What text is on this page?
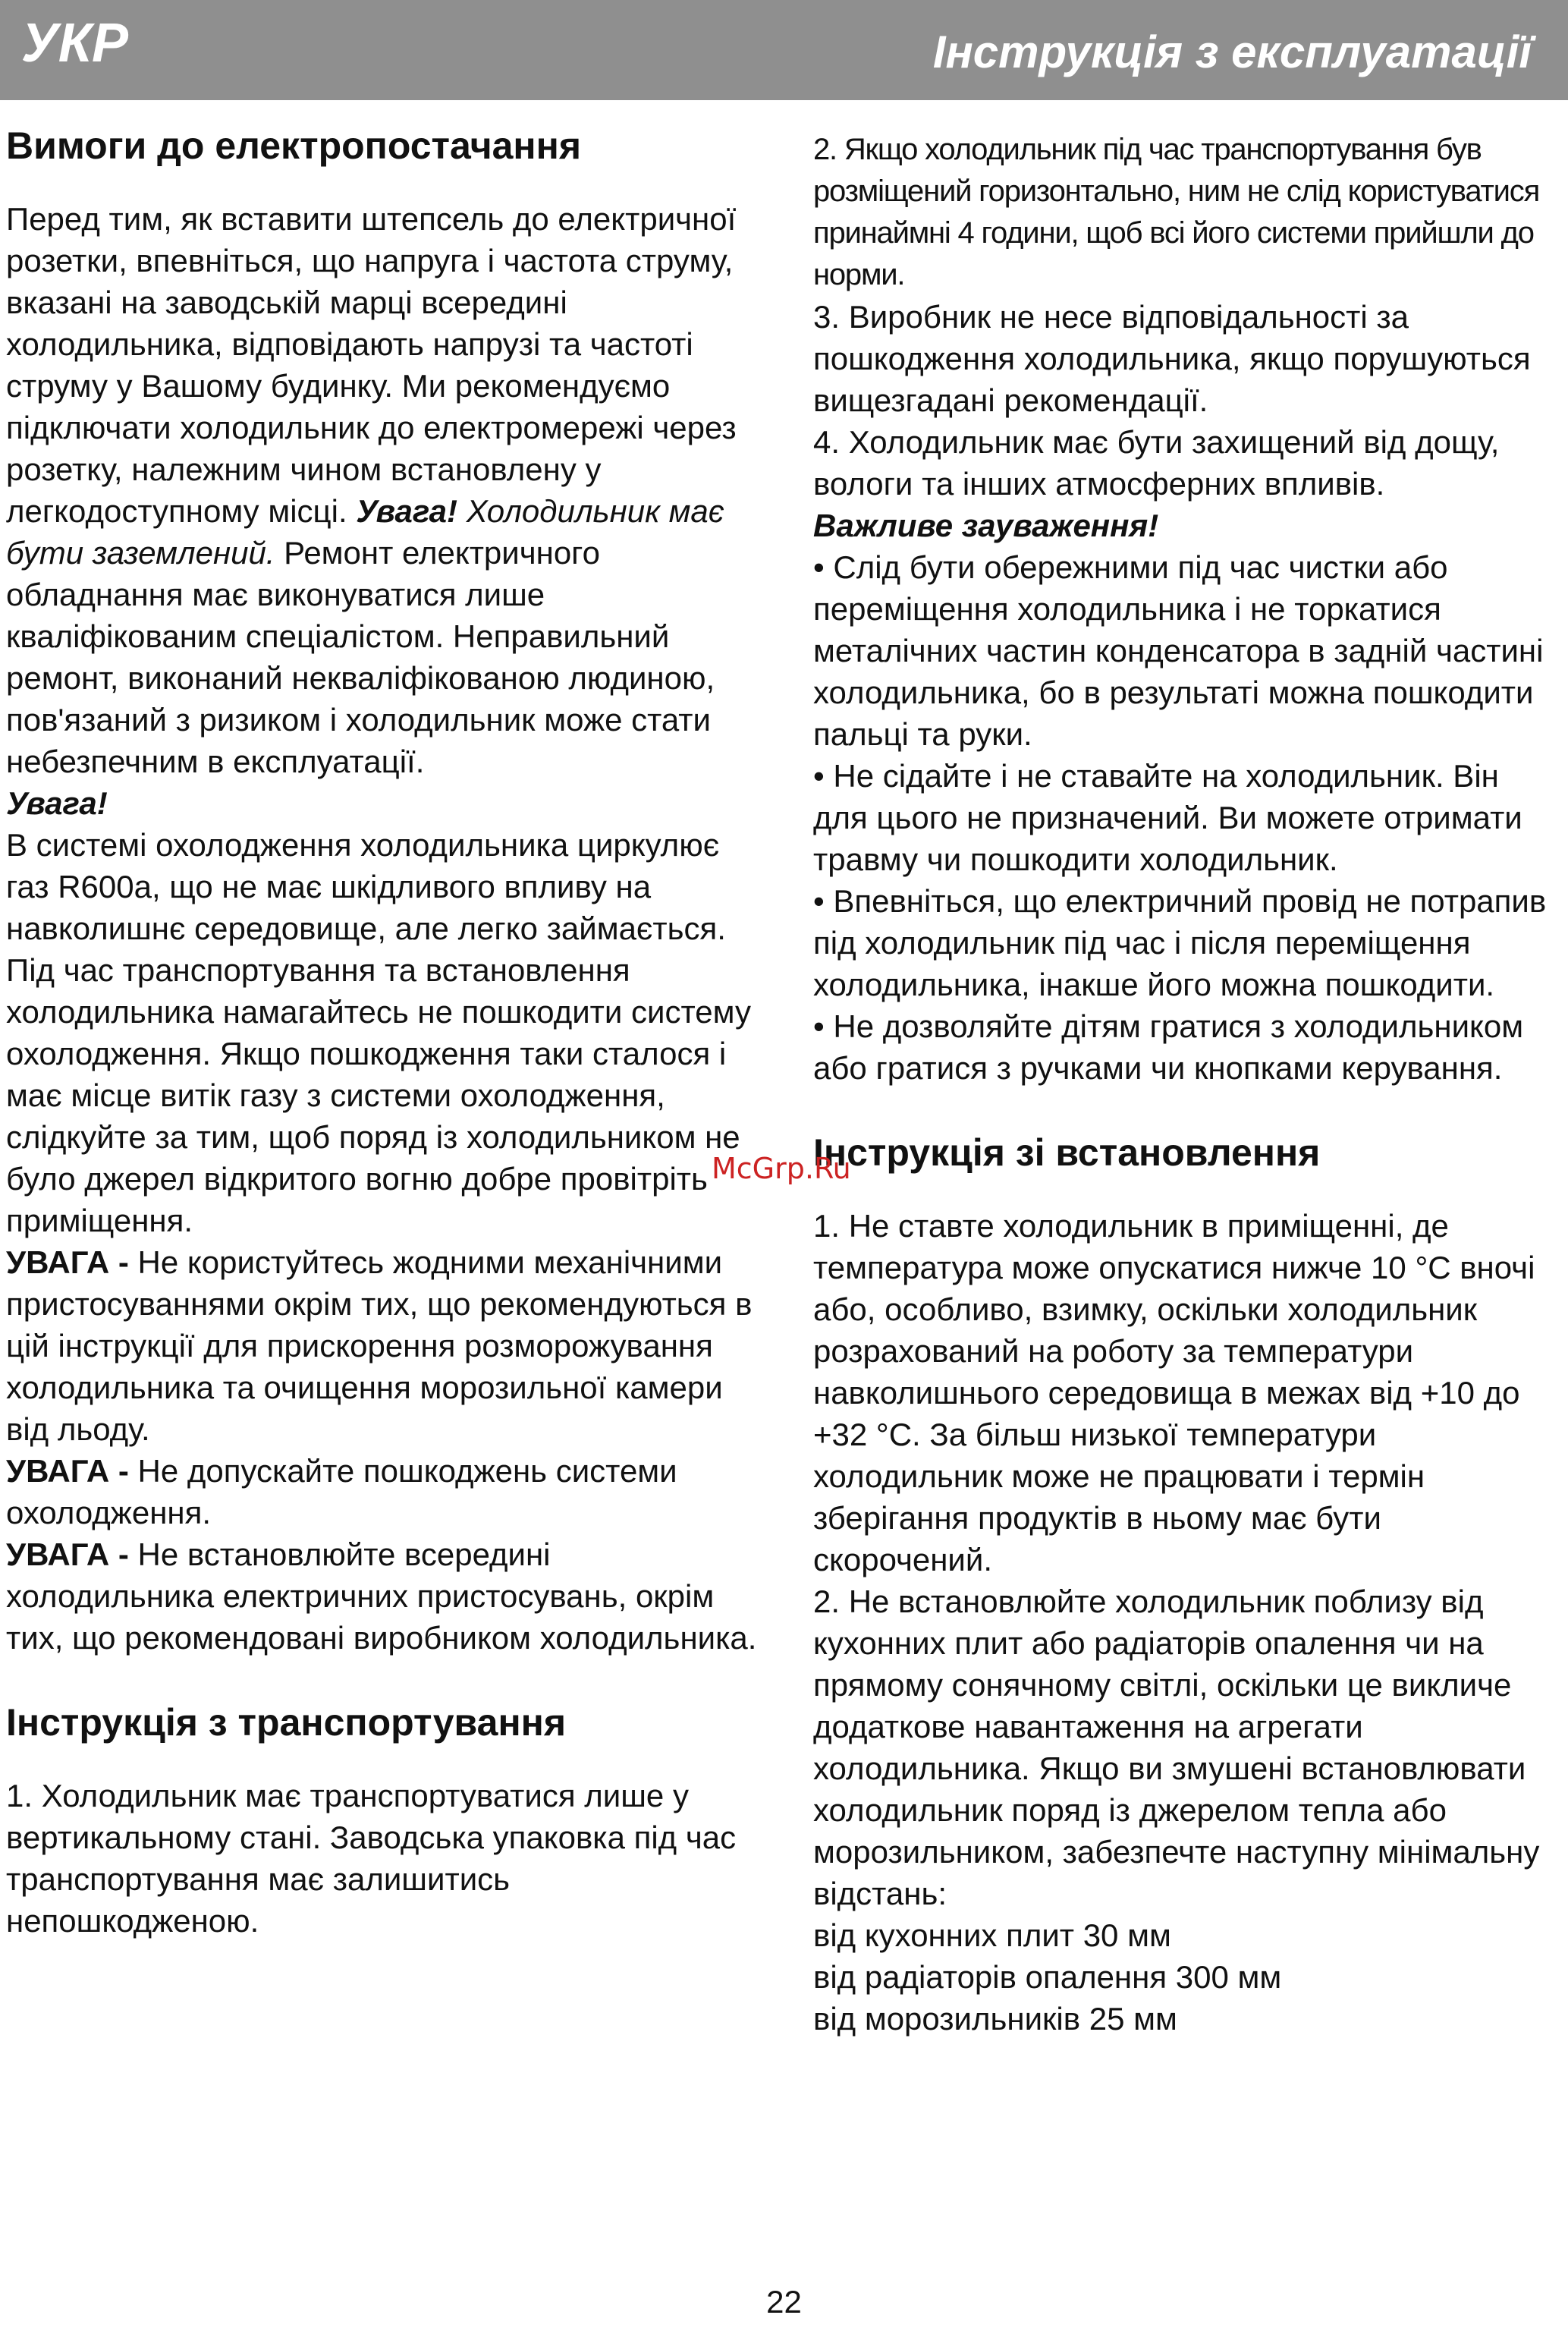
УКР	Інструкція з експлуатації
Вимоги до електропостачання

Перед тим, як вставити штепсель до електричної розетки, впевніться, що напруга і частота струму, вказані на заводській марці всередині холодильника, відповідають напрузі та частоті струму у Вашому будинку. Ми рекомендуємо підключати холодильник до електромережі через розетку, належним чином встановлену у легкодоступному місці. Увага! Холодильник має бути заземлений. Ремонт електричного обладнання має виконуватися лише кваліфікованим спеціалістом. Неправильний ремонт, виконаний некваліфікованою людиною, пов'язаний з ризиком і холодильник може стати небезпечним в експлуатації.

Увага!
В системі охолодження холодильника циркулює газ R600a, що не має шкідливого впливу на навколишнє середовище, але легко займається. Під час транспортування та встановлення холодильника намагайтесь не пошкодити систему охолодження. Якщо пошкодження таки сталося і має місце витік газу з системи охолодження, слідкуйте за тим, щоб поряд із холодильником не було джерел відкритого вогню добре провітріть приміщення.

УВАГА - Не користуйтесь жодними механічними пристосуваннями окрім тих, що рекомендуються в цій інструкції для прискорення розморожування холодильника та очищення морозильної камери від льоду.

УВАГА - Не допускайте пошкоджень системи охолодження.

УВАГА - Не встановлюйте всередині холодильника електричних пристосувань, окрім тих, що рекомендовані виробником холодильника.

Інструкція з транспортування

1. Холодильник має транспортуватися лише у вертикальному стані. Заводська упаковка під час транспортування має залишитись непошкодженою.

2. Якщо холодильник під час транспортування був розміщений горизонтально, ним не слід користуватися принаймні 4 години, щоб всі його системи прийшли до норми.

3. Виробник не несе відповідальності за пошкодження холодильника, якщо порушуються вищезгадані рекомендації.

4. Холодильник має бути захищений від дощу, вологи та інших атмосферних впливів.

Важливе зауваження!

• Слід бути обережними під час чистки або переміщення холодильника і не торкатися металічних частин конденсатора в задній частині холодильника, бо в результаті можна пошкодити пальці та руки.

• Не сідайте і не ставайте на холодильник. Він для цього не призначений. Ви можете отримати травму чи пошкодити холодильник.

• Впевніться, що електричний провід не потрапив під холодильник під час і після переміщення холодильника, інакше його можна пошкодити.

• Не дозволяйте дітям гратися з холодильником або гратися з ручками чи кнопками керування.

Інструкція зі встановлення

1. Не ставте холодильник в приміщенні, де температура може опускатися нижче 10 °C вночі або, особливо, взимку, оскільки холодильник розрахований на роботу за температури навколишнього середовища в межах від +10 до +32 °C. За більш низької температури холодильник може не працювати і термін зберігання продуктів в ньому має бути скорочений.

2. Не встановлюйте холодильник поблизу від кухонних плит або радіаторів опалення чи на прямому сонячному світлі, оскільки це викличе додаткове навантаження на агрегати холодильника. Якщо ви змушені встановлювати холодильник поряд із джерелом тепла або морозильником, забезпечте наступну мінімальну відстань:

від кухонних плит 30 мм

від радіаторів опалення 300 мм

від морозильників 25 мм

McGrp.Ru
22
